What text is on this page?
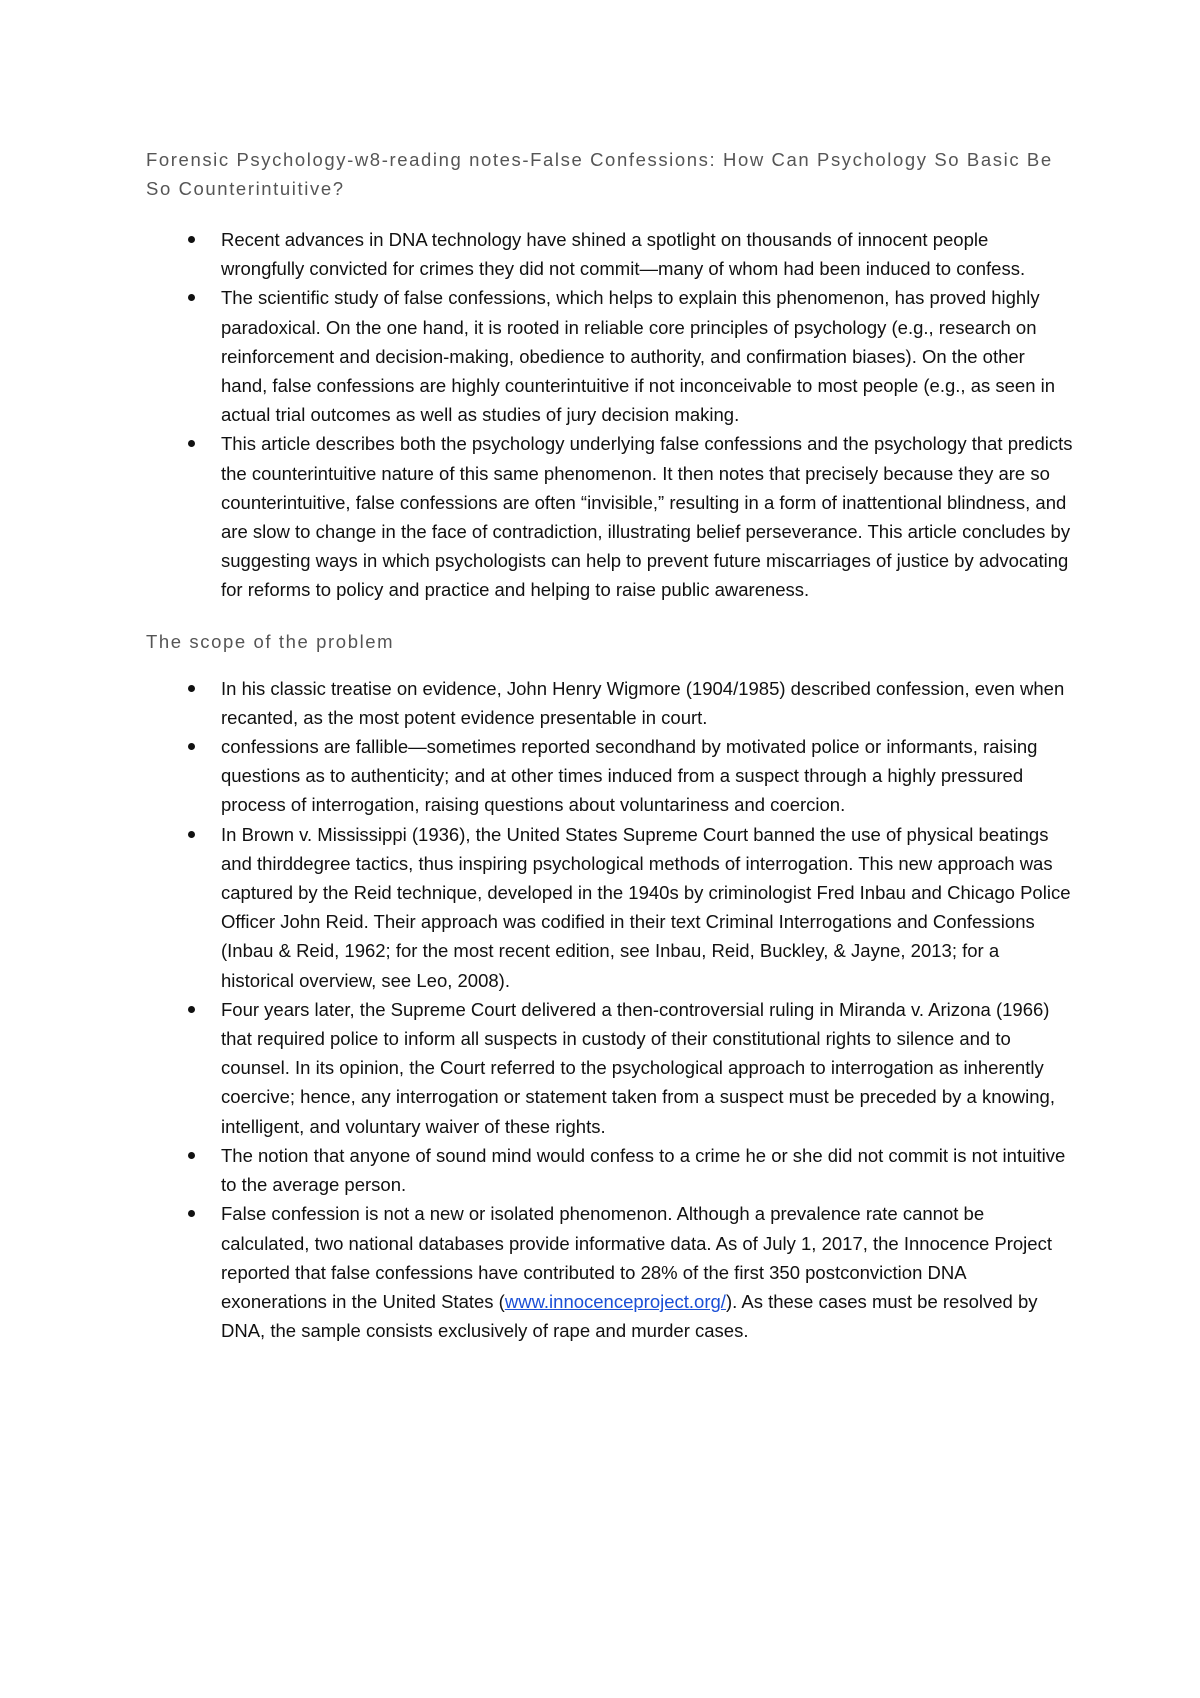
Forensic Psychology-w8-reading notes-False Confessions: How Can Psychology So Basic Be So Counterintuitive?
Recent advances in DNA technology have shined a spotlight on thousands of innocent people wrongfully convicted for crimes they did not commit—many of whom had been induced to confess.
The scientific study of false confessions, which helps to explain this phenomenon, has proved highly paradoxical. On the one hand, it is rooted in reliable core principles of psychology (e.g., research on reinforcement and decision-making, obedience to authority, and confirmation biases). On the other hand, false confessions are highly counterintuitive if not inconceivable to most people (e.g., as seen in actual trial outcomes as well as studies of jury decision making.
This article describes both the psychology underlying false confessions and the psychology that predicts the counterintuitive nature of this same phenomenon. It then notes that precisely because they are so counterintuitive, false confessions are often “invisible,” resulting in a form of inattentional blindness, and are slow to change in the face of contradiction, illustrating belief perseverance. This article concludes by suggesting ways in which psychologists can help to prevent future miscarriages of justice by advocating for reforms to policy and practice and helping to raise public awareness.
The scope of the problem
In his classic treatise on evidence, John Henry Wigmore (1904/1985) described confession, even when recanted, as the most potent evidence presentable in court.
confessions are fallible—sometimes reported secondhand by motivated police or informants, raising questions as to authenticity; and at other times induced from a suspect through a highly pressured process of interrogation, raising questions about voluntariness and coercion.
In Brown v. Mississippi (1936), the United States Supreme Court banned the use of physical beatings and thirddegree tactics, thus inspiring psychological methods of interrogation. This new approach was captured by the Reid technique, developed in the 1940s by criminologist Fred Inbau and Chicago Police Officer John Reid. Their approach was codified in their text Criminal Interrogations and Confessions (Inbau & Reid, 1962; for the most recent edition, see Inbau, Reid, Buckley, & Jayne, 2013; for a historical overview, see Leo, 2008).
Four years later, the Supreme Court delivered a then-controversial ruling in Miranda v. Arizona (1966) that required police to inform all suspects in custody of their constitutional rights to silence and to counsel. In its opinion, the Court referred to the psychological approach to interrogation as inherently coercive; hence, any interrogation or statement taken from a suspect must be preceded by a knowing, intelligent, and voluntary waiver of these rights.
The notion that anyone of sound mind would confess to a crime he or she did not commit is not intuitive to the average person.
False confession is not a new or isolated phenomenon. Although a prevalence rate cannot be calculated, two national databases provide informative data. As of July 1, 2017, the Innocence Project reported that false confessions have contributed to 28% of the first 350 postconviction DNA exonerations in the United States (www.innocenceproject.org/). As these cases must be resolved by DNA, the sample consists exclusively of rape and murder cases.
